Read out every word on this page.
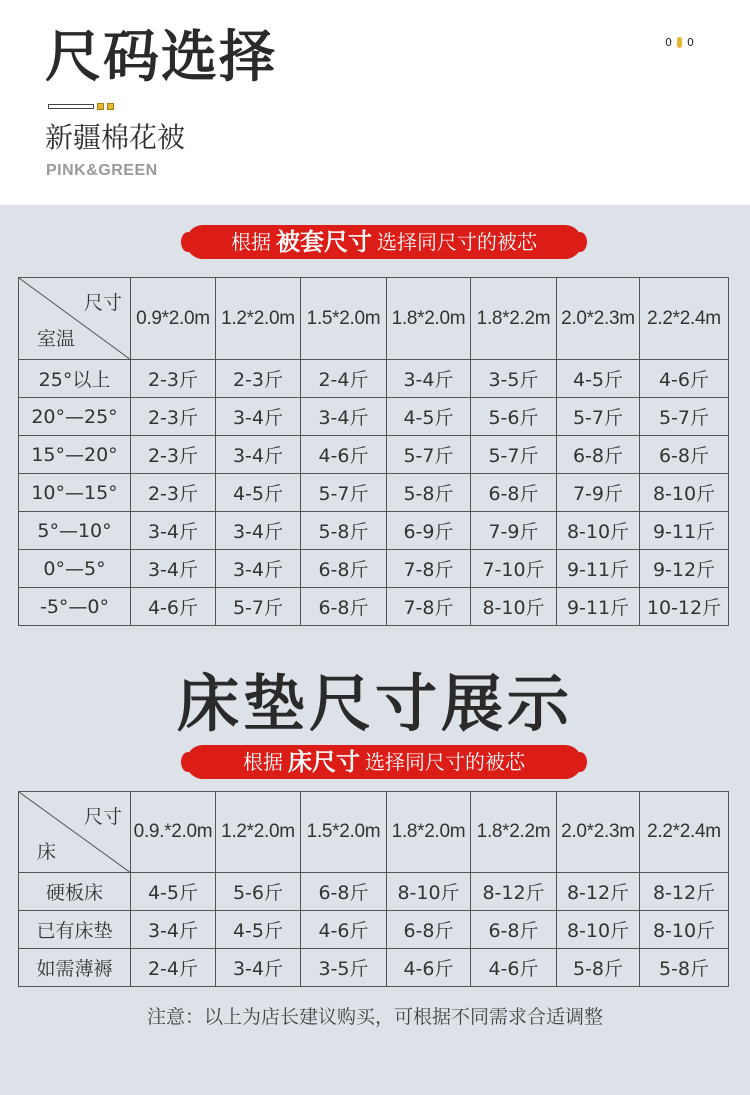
尺码选择	0 0
新疆棉花被
PINK&GREEN
根据 被套尺寸 选择同尺寸的被芯
尺寸
室温	0.9*2.0m	1.2*2.0m	1.5*2.0m	1.8*2.0m	1.8*2.2m	2.0*2.3m	2.2*2.4m
25°以上	2-3斤	2-3斤	2-4斤	3-4斤	3-5斤	4-5斤	4-6斤
20°—25°	2-3斤	3-4斤	3-4斤	4-5斤	5-6斤	5-7斤	5-7斤
15°—20°	2-3斤	3-4斤	4-6斤	5-7斤	5-7斤	6-8斤	6-8斤
10°—15°	2-3斤	4-5斤	5-7斤	5-8斤	6-8斤	7-9斤	8-10斤
5°—10°	3-4斤	3-4斤	5-8斤	6-9斤	7-9斤	8-10斤	9-11斤
0°—5°	3-4斤	3-4斤	6-8斤	7-8斤	7-10斤	9-11斤	9-12斤
-5°—0°	4-6斤	5-7斤	6-8斤	7-8斤	8-10斤	9-11斤	10-12斤
床垫尺寸展示
根据 床尺寸 选择同尺寸的被芯
尺寸
床	0.9.*2.0m	1.2*2.0m	1.5*2.0m	1.8*2.0m	1.8*2.2m	2.0*2.3m	2.2*2.4m
硬板床	4-5斤	5-6斤	6-8斤	8-10斤	8-12斤	8-12斤	8-12斤
已有床垫	3-4斤	4-5斤	4-6斤	6-8斤	6-8斤	8-10斤	8-10斤
如需薄褥	2-4斤	3-4斤	3-5斤	4-6斤	4-6斤	5-8斤	5-8斤
注意：以上为店长建议购买，可根据不同需求合适调整
